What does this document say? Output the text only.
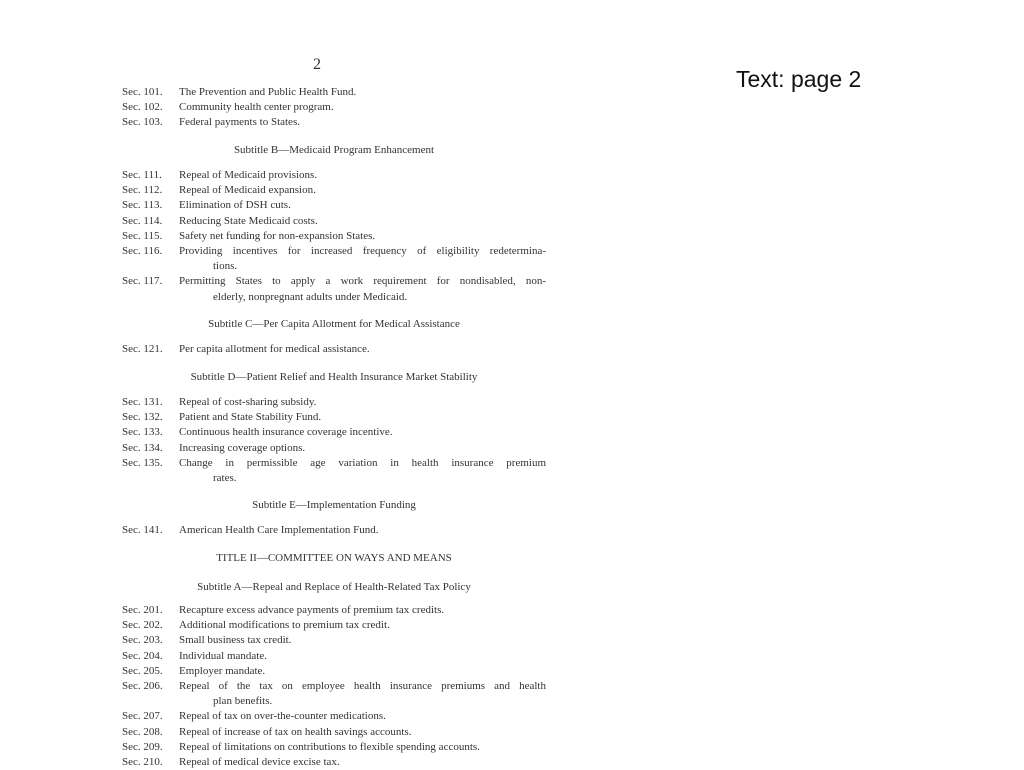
Text: page 2
2
Sec. 101.	The Prevention and Public Health Fund.
Sec. 102.	Community health center program.
Sec. 103.	Federal payments to States.
Subtitle B—Medicaid Program Enhancement
Sec. 111.	Repeal of Medicaid provisions.
Sec. 112.	Repeal of Medicaid expansion.
Sec. 113.	Elimination of DSH cuts.
Sec. 114.	Reducing State Medicaid costs.
Sec. 115.	Safety net funding for non-expansion States.
Sec. 116.	Providing incentives for increased frequency of eligibility redetermina-
tions.
Sec. 117.	Permitting States to apply a work requirement for nondisabled, non-
elderly, nonpregnant adults under Medicaid.
Subtitle C—Per Capita Allotment for Medical Assistance
Sec. 121.	Per capita allotment for medical assistance.
Subtitle D—Patient Relief and Health Insurance Market Stability
Sec. 131.	Repeal of cost-sharing subsidy.
Sec. 132.	Patient and State Stability Fund.
Sec. 133.	Continuous health insurance coverage incentive.
Sec. 134.	Increasing coverage options.
Sec. 135.	Change in permissible age variation in health insurance premium
rates.
Subtitle E—Implementation Funding
Sec. 141.	American Health Care Implementation Fund.
TITLE II—COMMITTEE ON WAYS AND MEANS
Subtitle A—Repeal and Replace of Health-Related Tax Policy
Sec. 201.	Recapture excess advance payments of premium tax credits.
Sec. 202.	Additional modifications to premium tax credit.
Sec. 203.	Small business tax credit.
Sec. 204.	Individual mandate.
Sec. 205.	Employer mandate.
Sec. 206.	Repeal of the tax on employee health insurance premiums and health
plan benefits.
Sec. 207.	Repeal of tax on over-the-counter medications.
Sec. 208.	Repeal of increase of tax on health savings accounts.
Sec. 209.	Repeal of limitations on contributions to flexible spending accounts.
Sec. 210.	Repeal of medical device excise tax.
